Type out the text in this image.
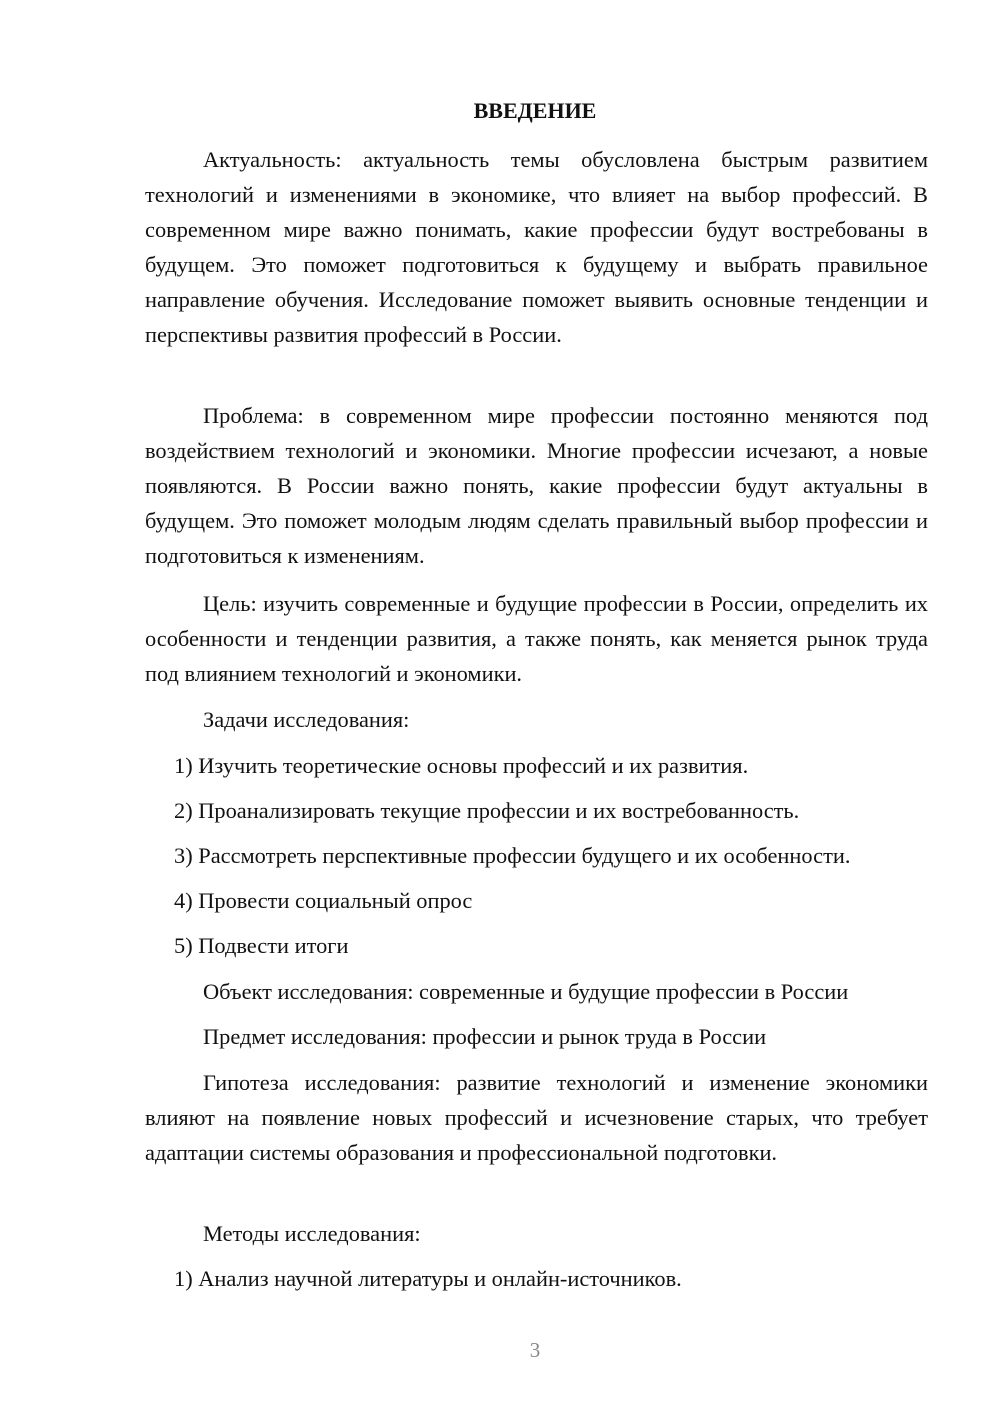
ВВЕДЕНИЕ
Актуальность: актуальность темы обусловлена быстрым развитием технологий и изменениями в экономике, что влияет на выбор профессий. В современном мире важно понимать, какие профессии будут востребованы в будущем. Это поможет подготовиться к будущему и выбрать правильное направление обучения. Исследование поможет выявить основные тенденции и перспективы развития профессий в России.
Проблема: в современном мире профессии постоянно меняются под воздействием технологий и экономики. Многие профессии исчезают, а новые появляются. В России важно понять, какие профессии будут актуальны в будущем. Это поможет молодым людям сделать правильный выбор профессии и подготовиться к изменениям.
Цель: изучить современные и будущие профессии в России, определить их особенности и тенденции развития, а также понять, как меняется рынок труда под влиянием технологий и экономики.
Задачи исследования:
1) Изучить теоретические основы профессий и их развития.
2) Проанализировать текущие профессии и их востребованность.
3) Рассмотреть перспективные профессии будущего и их особенности.
4) Провести социальный опрос
5) Подвести итоги
Объект исследования: современные и будущие профессии в России
Предмет исследования: профессии и рынок труда в России
Гипотеза исследования: развитие технологий и изменение экономики влияют на появление новых профессий и исчезновение старых, что требует адаптации системы образования и профессиональной подготовки.
Методы исследования:
1) Анализ научной литературы и онлайн-источников.
3
